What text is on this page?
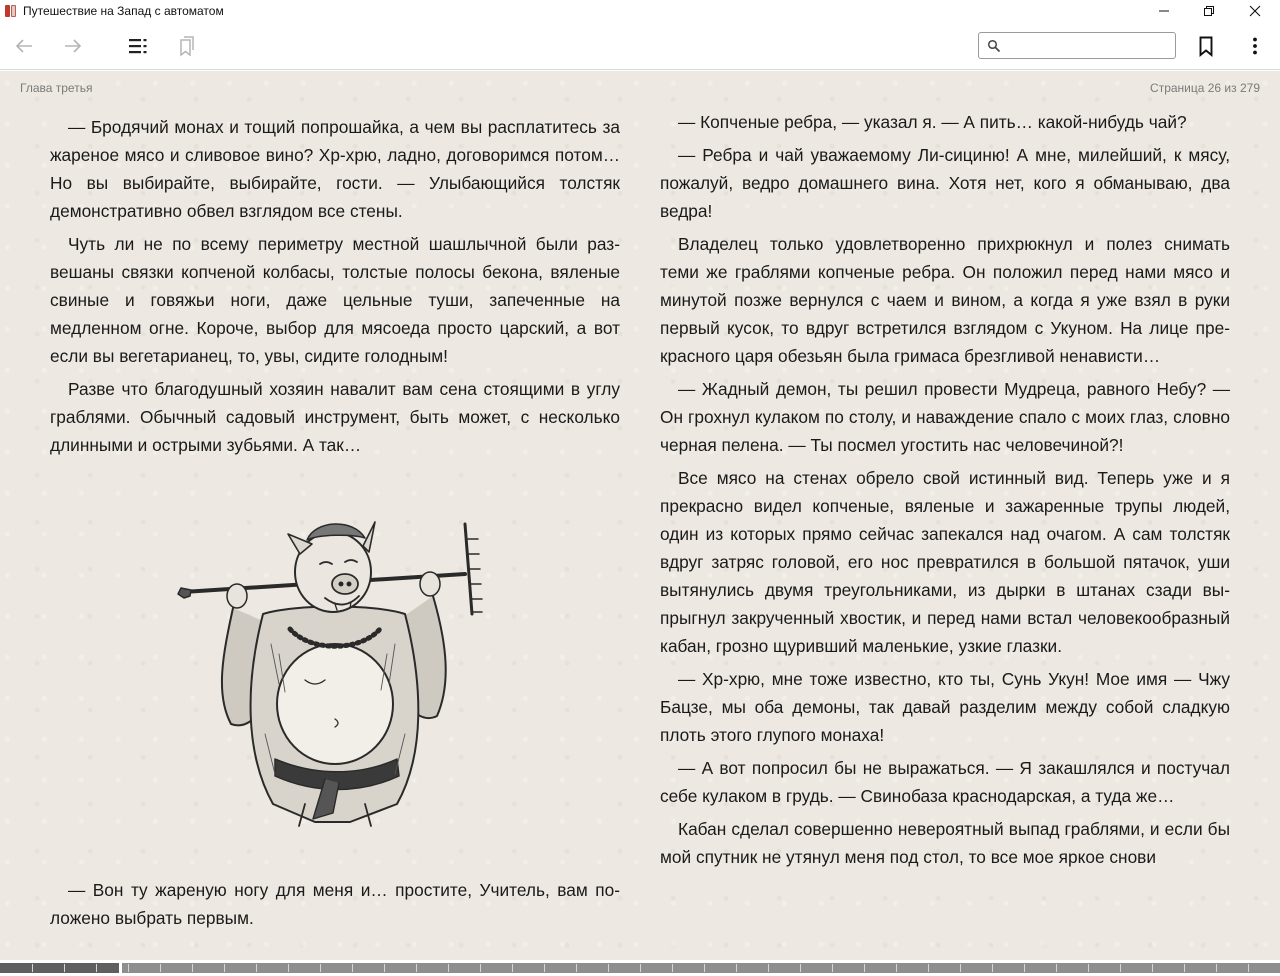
Путешествие на Запад с автоматом
Глава третья	Страница 26 из 279

— Бродячий монах и тощий попрошайка, а чем вы расплатитесь за жареное мясо и сливовое вино? Хр-хрю, ладно, договоримся потом… Но вы выбирайте, выбирайте, гости. — Улыбающийся толстяк демонстративно обвел взглядом все стены.

Чуть ли не по всему периметру местной шашлычной были развешаны связки копченой колбасы, толстые полосы бекона, вяленые свиные и говяжьи ноги, даже цельные туши, запеченные на медленном огне. Короче, выбор для мясоеда просто царский, а вот если вы вегетарианец, то, увы, сидите голодным!

Разве что благодушный хозяин навалит вам сена стоящими в углу граблями. Обычный садовый инструмент, быть может, с несколько длинными и острыми зубьями. А так…

— Вон ту жареную ногу для меня и… простите, Учитель, вам положено выбрать первым.

— Копченые ребра, — указал я. — А пить… какой-нибудь чай?

— Ребра и чай уважаемому Ли-сициню! А мне, милейший, к мясу, пожалуй, ведро домашнего вина. Хотя нет, кого я обманываю, два ведра!

Владелец только удовлетворенно прихрюкнул и полез снимать теми же граблями копченые ребра. Он положил перед нами мясо и минутой позже вернулся с чаем и вином, а когда я уже взял в руки первый кусок, то вдруг встретился взглядом с Укуном. На лице прекрасного царя обезьян была гримаса брезгливой ненависти…

— Жадный демон, ты решил провести Мудреца, равного Небу? — Он грохнул кулаком по столу, и наваждение спало с моих глаз, словно черная пелена. — Ты посмел угостить нас человечиной?!

Все мясо на стенах обрело свой истинный вид. Теперь уже и я прекрасно видел копченые, вяленые и зажаренные трупы людей, один из которых прямо сейчас запекался над очагом. А сам толстяк вдруг затряс головой, его нос превратился в большой пятачок, уши вытянулись двумя треугольниками, из дырки в штанах сзади выпрыгнул закрученный хвостик, и перед нами встал человекообразный кабан, грозно щуривший маленькие, узкие глазки.

— Хр-хрю, мне тоже известно, кто ты, Сунь Укун! Мое имя — Чжу Бацзе, мы оба демоны, так давай разделим между собой сладкую плоть этого глупого монаха!

— А вот попросил бы не выражаться. — Я закашлялся и постучал себе кулаком в грудь. — Свинобаза краснодарская, а туда же…

Кабан сделал совершенно невероятный выпад граблями, и если бы мой спутник не утянул меня под стол, то все мое яркое снови
